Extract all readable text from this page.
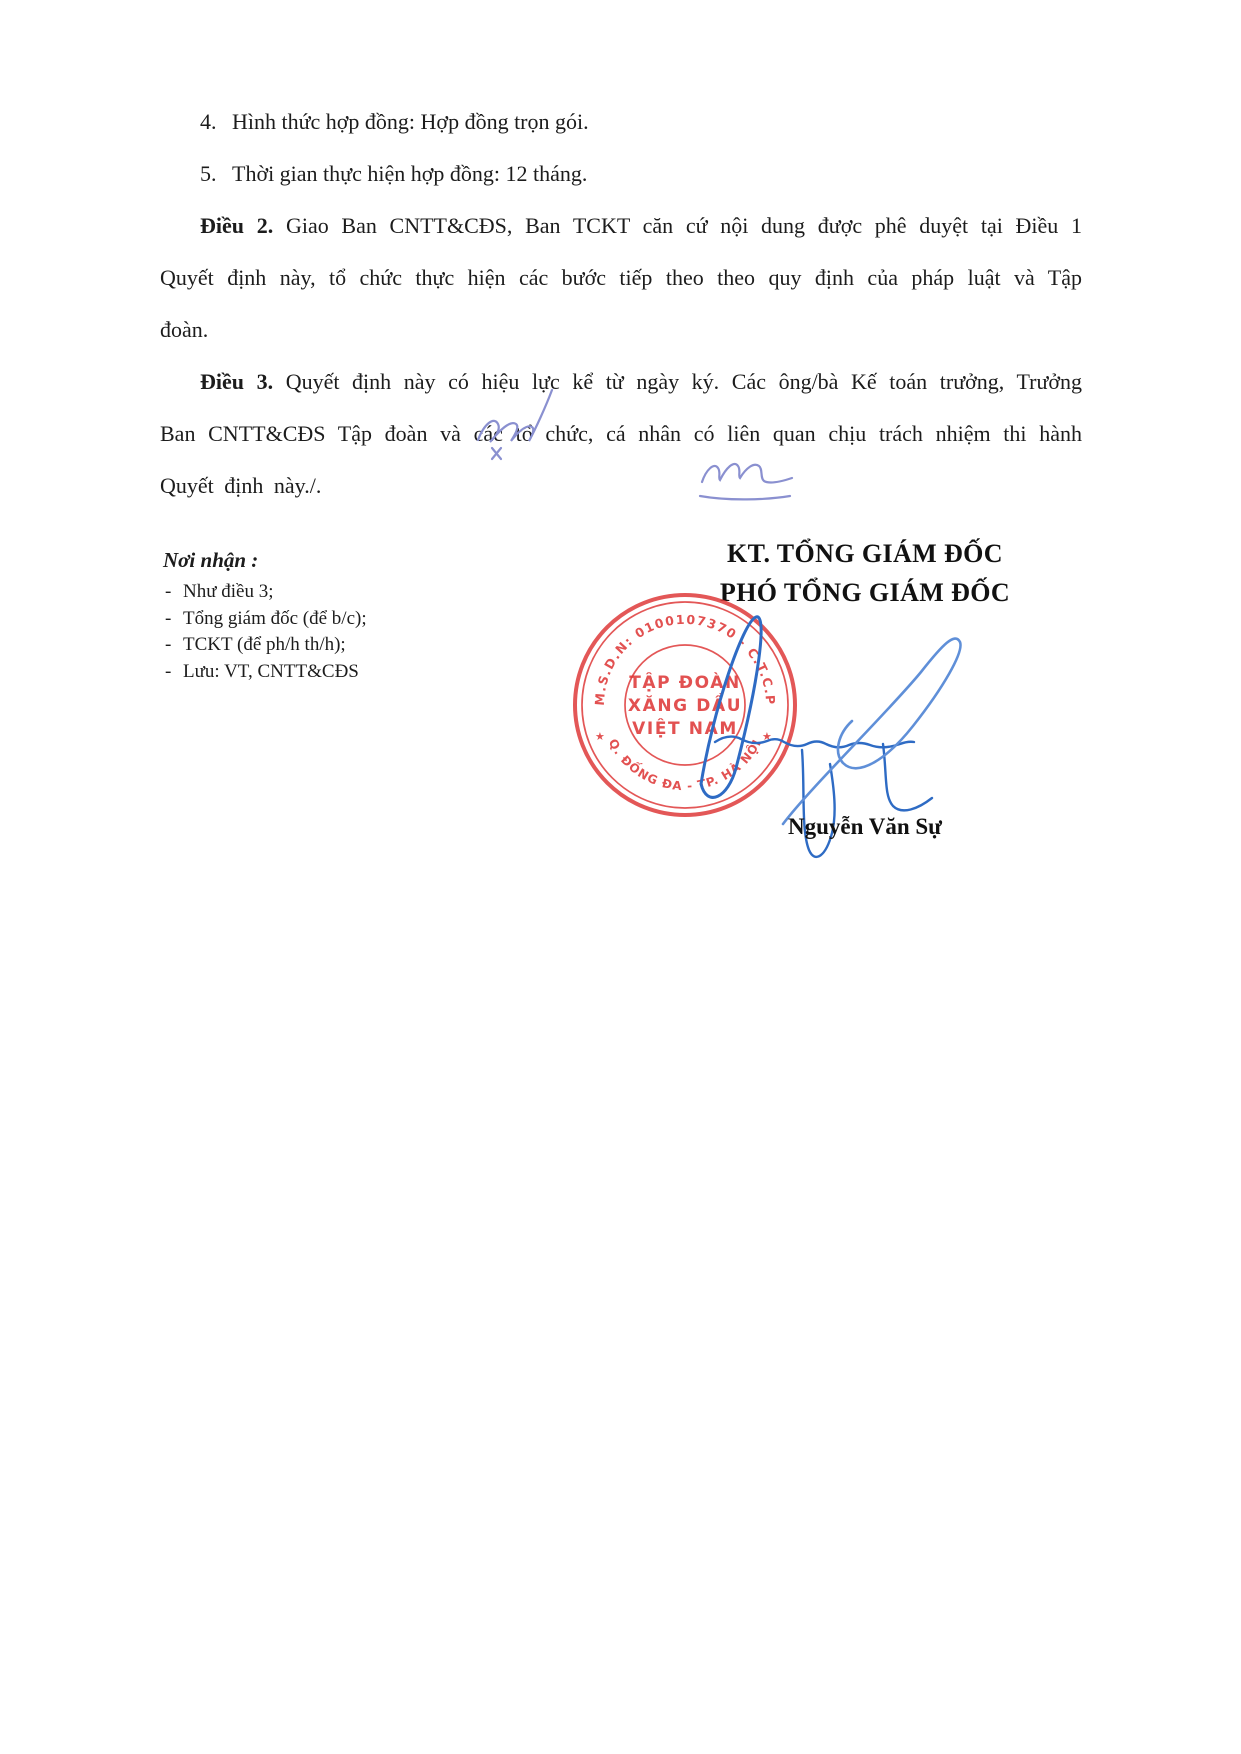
4. Hình thức hợp đồng: Hợp đồng trọn gói.

5. Thời gian thực hiện hợp đồng: 12 tháng.

Điều 2. Giao Ban CNTT&CĐS, Ban TCKT căn cứ nội dung được phê duyệt tại Điều 1 Quyết định này, tổ chức thực hiện các bước tiếp theo theo quy định của pháp luật và Tập đoàn.

Điều 3. Quyết định này có hiệu lực kể từ ngày ký. Các ông/bà Kế toán trưởng, Trưởng Ban CNTT&CĐS Tập đoàn và các tổ chức, cá nhân có liên quan chịu trách nhiệm thi hành Quyết định này./.

Nơi nhận :

- Như điều 3;
- Tổng giám đốc (để b/c);
- TCKT (để ph/h th/h);
- Lưu: VT, CNTT&CĐS
KT. TỔNG GIÁM ĐỐC
PHÓ TỔNG GIÁM ĐỐC
M.S.D.N: 0100107370 - C.T.C.P
Q. ĐỐNG ĐA - TP. HÀ NỘI
TẬP ĐOÀN
XĂNG DẦU
VIỆT NAM
★	★
Nguyễn Văn Sự
